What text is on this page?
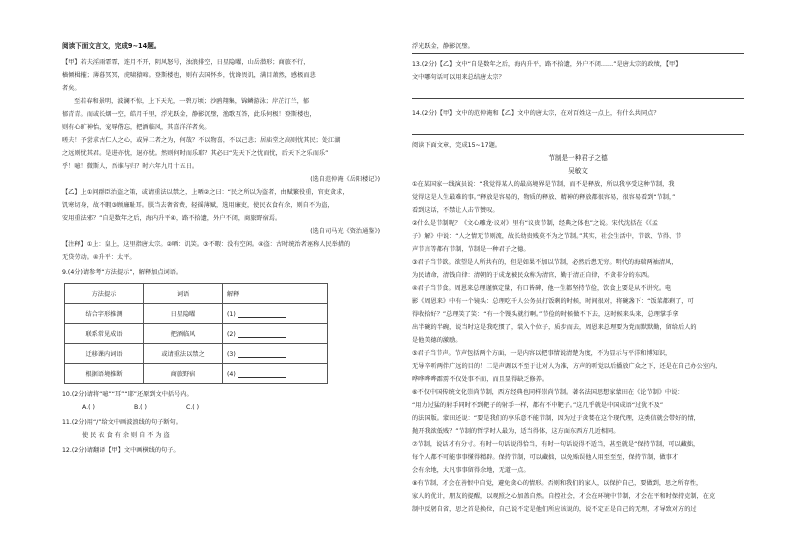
阅读下面文言文，完成9~14题。
【甲】若夫淫雨霏霏，连月不开，阴风怒号，浊浪排空，日星隐曜，山岳潜形；商旅不行，
樯倾楫摧；薄暮冥冥，虎啸猿啼。登斯楼也，则有去国怀乡，忧谗畏讥，满目萧然，感极而悲
者矣。
至若春和景明，波澜不惊，上下天光，一碧万顷；沙鸥翔集，锦鳞游泳；岸芷汀兰，郁
郁青青。而或长烟一空，皓月千里，浮光跃金，静影沉璧，渔歌互答，此乐何极！登斯楼也，
则有心旷神怡，宠辱偕忘，把酒临风，其喜洋洋者矣。
嗟夫！予尝求古仁人之心，或异二者之为，何哉？不以物喜，不以己悲；居庙堂之高则忧其民；处江湖
之远则忧其君。是进亦忧，退亦忧。然则何时而乐耶？其必曰“先天下之忧而忧，后天下之乐而乐”
乎！噫！微斯人，吾谁与归？时六年九月十五日。
(选自范仲淹《岳阳楼记》)
【乙】上①问群臣治盗之策，或请重法以禁之，上哂②之曰：“民之所以为盗者，由赋繁役重，官吏贪求，
饥寒切身，故不暇③顾廉耻耳。朕当去奢省费，轻徭薄赋，选用廉吏，使民衣食有余，则自不为盗，
安用重法邪？”自是数年之后，海内升平④，路不拾遗，外户不闭，商旅野宿焉。
(选自司马光《资治通鉴》)
【注释】①上：皇上，这里指唐太宗。②哂：讥笑。③不暇：没有空闲。④盗：古时统治者诬称人民举措的
无贷劳动。④升平：太平。
9.(4分)请参考“方法提示”，解释加点词语。
方法提示	词语	解释
结合字形推测	日星隐曜	(1)
联系常见成语	把酒临风	(2)
迁移课内词语	或请重法以禁之	(3)
根据语境推断	商旅野宿	(4)
10.(2分)请将“噫”“耳”“耶”还原到文中括号内。
A.( )	B.( )	C.( )
11.(2分)用“/”给文中画波浪线的句子断句。
使 民 衣 食 有 余 则 自 不 为 盗
12.(2分)请翻译【甲】文中画横线的句子。
浮光跃金，静影沉璧。
13.(2分)【乙】文中“自是数年之后，海内升平，路不拾遗，外户不闭……”是唐太宗的政绩，【甲】
文中哪句话可以用来总结唐太宗？
14.(2分)【甲】文中的范仲淹和【乙】文中的唐太宗，在对百姓这一点上，有什么共同点？
阅读下面文章，完成15~17题。
节制是一种君子之德
吴敏文
①在某国家一线演员说：“我觉得某人的最高境界是节制，而不是释放，所以我享受这种节制，我
觉得这是人生最难的事。”释放是容易的，物质的释放、精神的释放都很容易，很容易看到“节制，”
看到这话，不禁让人击节赞叹。
②什么是节制呢？《文心雕龙·议对》里有“议贵节制，经典之体也”之说。宋代沈括在《《孟
子》解》中说：“人之情无节则流，故长幼贵贱莫不为之节制。”其实，社会生活中，节欲、节得、节
声节言等都有节制，节制是一种君子之德。
③君子当节欲。欲望是人所共有的，但是如果不加以节制，必然后患无穷。明代的海瑞两袖清风，
为民请命，清钱自律：清朝的于成龙被民众称为清官，勤于清正自律，不贪非分的东西。
④君子当节食。周恩来总理谨慎定量，有口皆碑，他一生都坚持节俭，饮食上要是从不讲究。电
影《周恩来》中有一个镜头：总理吃千人公务员打饭剩的时候，时间很对，将碗盏下：“饭菜都剩了，可
得收拾好？”总理笑了笑：“有一个馒头就行啊。”节俭的时候做不下去，这时候来头来，总理掌手拿
出半碗的半碗，说当时这是我吃惯了，装入个位子，质步而去，周恩来总理要为党而默默勤，留给后人的
是他美德的激励。
⑤君子当节声。节声包括两个方面，一是内容以把事情说清楚为度，不为显示与平洋和博知识，
无导辛听两伴广远的目的！二是声调以不至于让对人为准，方声的听觉以后播放广众之下，还是在自己办公室内，
哗哗哗哗霹雳不仅处事不而，而且显得缺乏修养。
⑥不仅中国传统文化崇尚节制，西方经典也同样崇尚节制。著名法国思想家蒙田在《论节制》中说：
“用力过猛的射手同时不到靶子的射手一样，都有不中靶子。”这几乎就是中国成语“过犹不及”
的法国版。蒙田还说：“要是我们的享乐意不能节制，因为过于贪婪在这个现代理，这类信就会带好的情，
抛开我欲低贱？”节制的哲学时人最为，适当得体，这方面东西方几近相同。
⑦节制，说话才有分寸。有时一句话说得恰当，有时一句话说得不适当，甚至就是“保持节制，可以藏拙，
每个人都不可能事事懂得精辟。保持节制，可以藏拙，以免贻误他人用至至至，保持节制，做事才
会有余地，大凡事事留得余地，无道一点。
⑧有节制，才会在善恨中自觉，避免贪心的情形。否则和我们的家人，以保护自己，要做到，思之所存性，
家人的优计，朋友的提醒，以观照之心加盖自然。自控社会，才会在环境中节制，才会在平和时保持克制，在克
制中反躬自省，思之首是换位，自己说不定是他们所应该说的，说不定正是自己的无理，才导致对方的过
